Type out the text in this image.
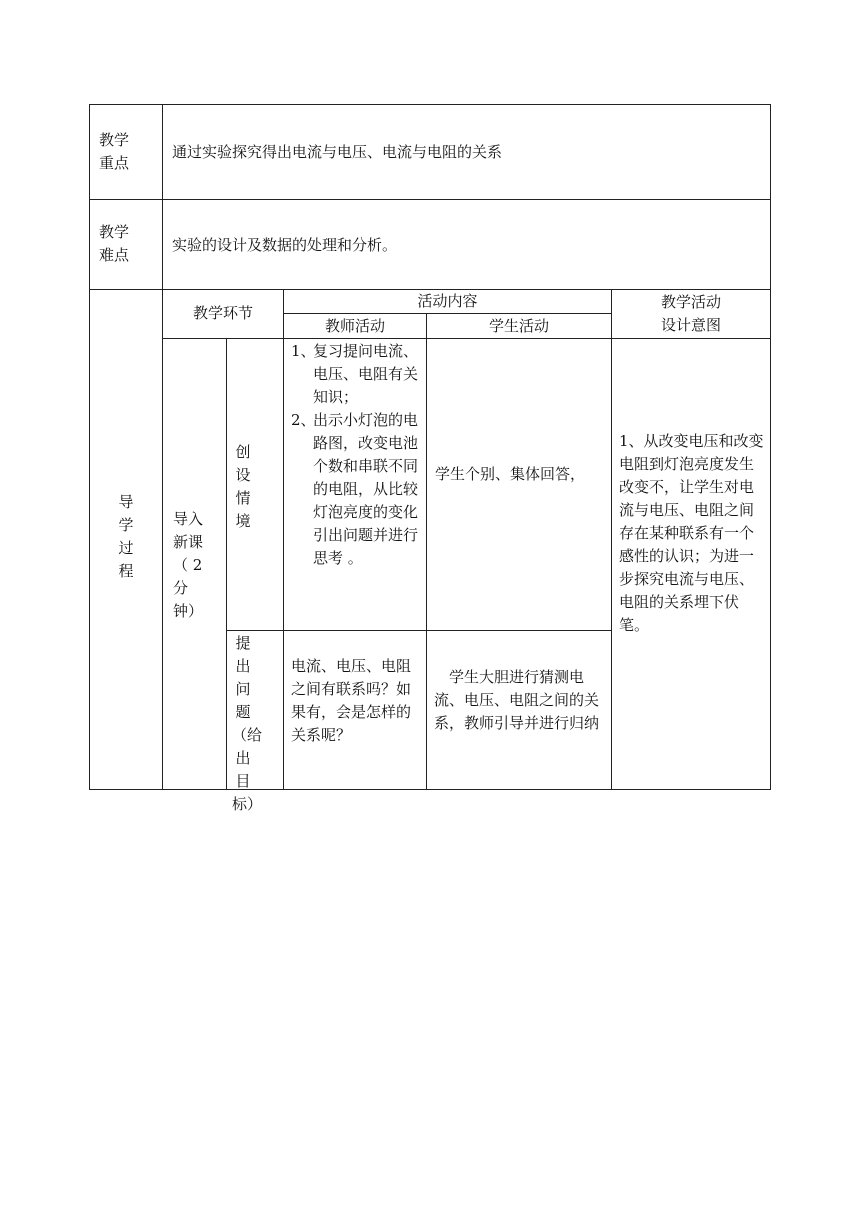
教学
重点
通过实验探究得出电流与电压、电流与电阻的关系
教学
难点
实验的设计及数据的处理和分析。
导学过程
教学环节
活动内容
教师活动	学生活动
教学活动
设计意图
导入
新课
（ 2
分
钟）
创设情境
1、
复习提问电流、电压、电阻有关知识；
2、
出示小灯泡的电路图，改变电池个数和串联不同的电阻，从比较灯泡亮度的变化引出问题并进行思考 。
学生个别、集体回答，
提出问题（给出目标）
电流、电压、电阻之间有联系吗？如果有，会是怎样的关系呢？
　学生大胆进行猜测电流、电压、电阻之间的关系，教师引导并进行归纳
1、从改变电压和改变电阻到灯泡亮度发生改变不，让学生对电流与电压、电阻之间存在某种联系有一个感性的认识；为进一步探究电流与电压、电阻的关系埋下伏笔。
